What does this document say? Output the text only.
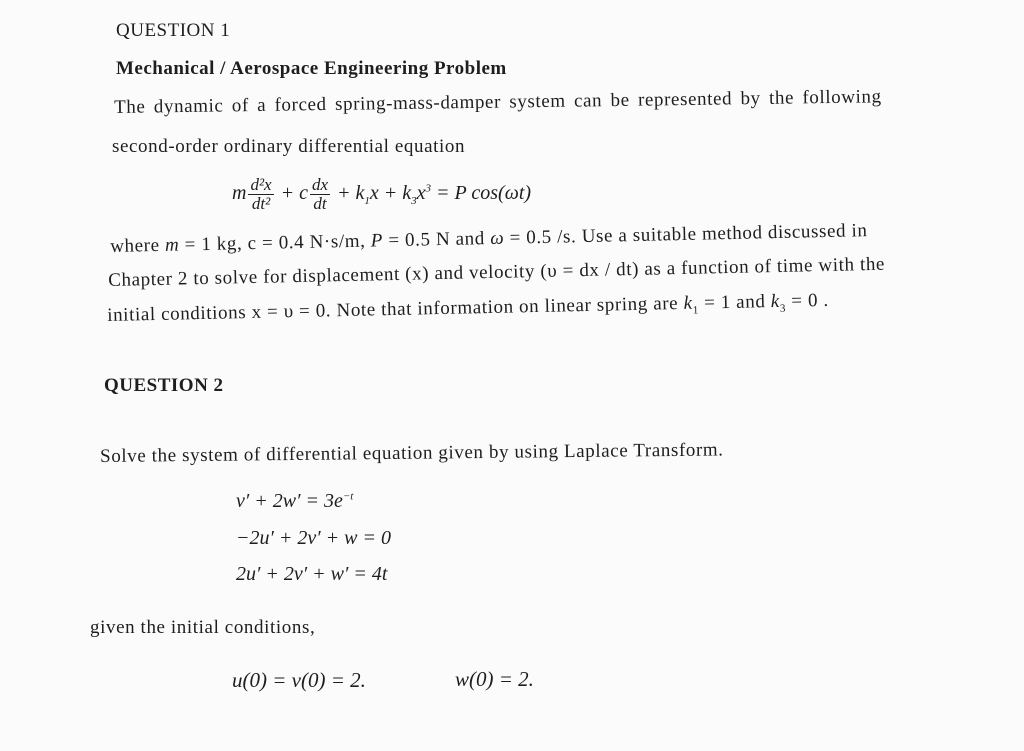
QUESTION 1
Mechanical / Aerospace Engineering Problem
The dynamic of a forced spring-mass-damper system can be represented by the following
second-order ordinary differential equation
m $\frac{\text{d²x}}{\text{dt²}} + c \frac{dx}{dt} + k_1x + k_3x^3 = P$ cos(ωt)
where m = 1 kg, c = 0.4 N·s/m, P = 0.5 N and ω = 0.5 /s. Use a suitable method discussed in
Chapter 2 to solve for displacement (x) and velocity (υ = dx / dt) as a function of time with the
initial conditions x = υ = 0. Note that information on linear spring are $k_1 = 1$ and $k_3 = 0$ .
QUESTION 2
Solve the system of differential equation given by using Laplace Transform.
$v' + 2w' = 3e^{-t}$
−2u′ + 2v′ + w = 0
2u′ + 2v′ + w′ = 4t
given the initial conditions,
u(0) = v(0) = 2.	w(0) = 2.
